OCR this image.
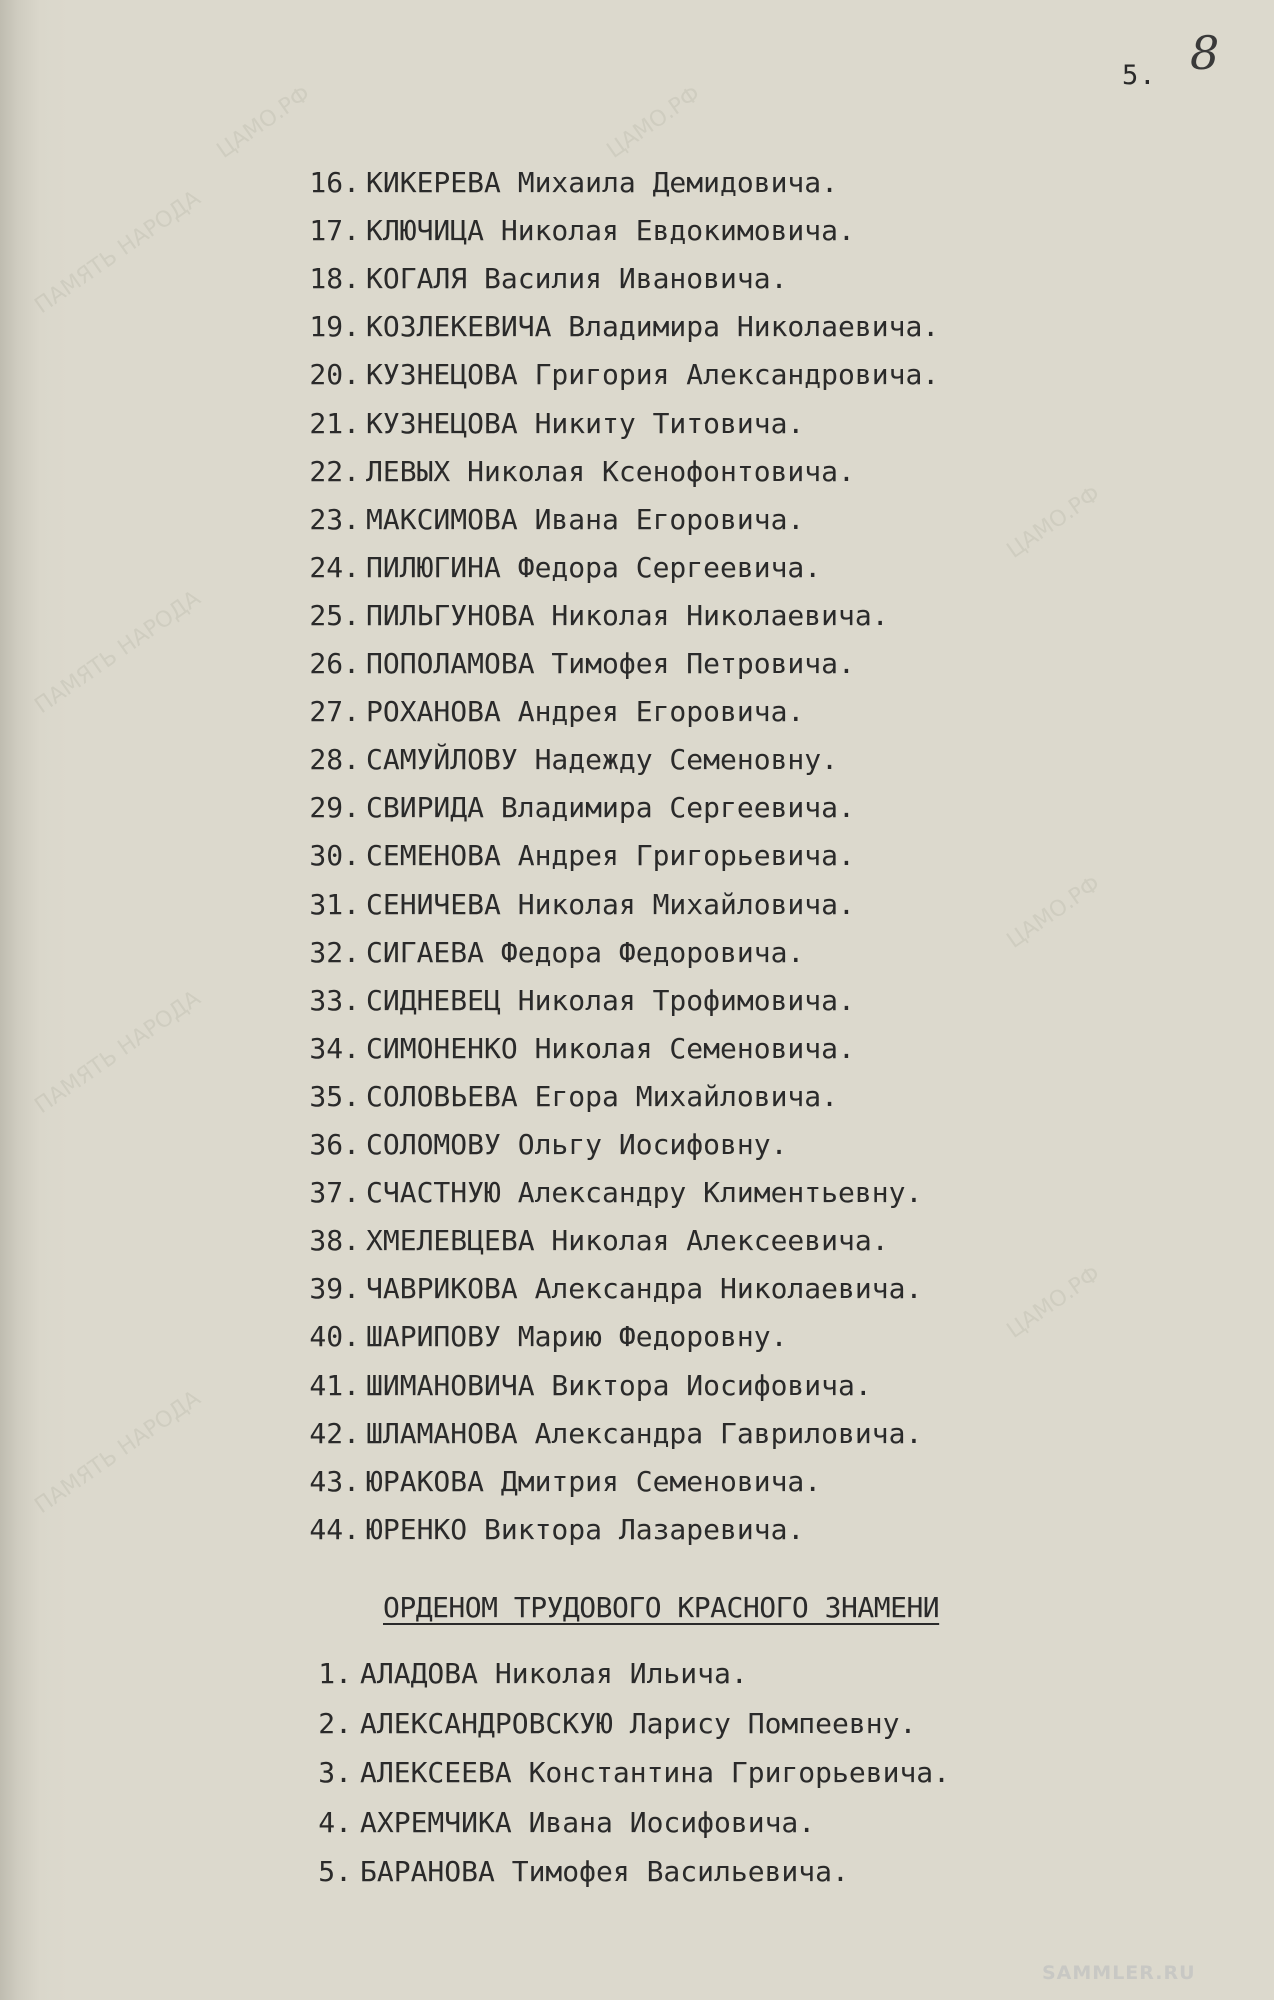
ЦАМО.РФ	ЦАМО.РФ
ЦАМО.РФ
ЦАМО.РФ
ЦАМО.РФ
ПАМЯТЬ НАРОДА
ПАМЯТЬ НАРОДА
ПАМЯТЬ НАРОДА
ПАМЯТЬ НАРОДА
5. 8
16. КИКЕРЕВА Михаила Демидовича.
17. КЛЮЧИЦА Николая Евдокимовича.
18. КОГАЛЯ Василия Ивановича.
19. КОЗЛЕКЕВИЧА Владимира Николаевича.
20. КУЗНЕЦОВА Григория Александровича.
21. КУЗНЕЦОВА Никиту Титовича.
22. ЛЕВЫХ Николая Ксенофонтовича.
23. МАКСИМОВА Ивана Егоровича.
24. ПИЛЮГИНА Федора Сергеевича.
25. ПИЛЬГУНОВА Николая Николаевича.
26. ПОПОЛАМОВА Тимофея Петровича.
27. РОХАНОВА Андрея Егоровича.
28. САМУЙЛОВУ Надежду Семеновну.
29. СВИРИДА Владимира Сергеевича.
30. СЕМЕНОВА Андрея Григорьевича.
31. СЕНИЧЕВА Николая Михайловича.
32. СИГАЕВА Федора Федоровича.
33. СИДНЕВЕЦ Николая Трофимовича.
34. СИМОНЕНКО Николая Семеновича.
35. СОЛОВЬЕВА Егора Михайловича.
36. СОЛОМОВУ Ольгу Иосифовну.
37. СЧАСТНУЮ Александру Климентьевну.
38. ХМЕЛЕВЦЕВА Николая Алексеевича.
39. ЧАВРИКОВА Александра Николаевича.
40. ШАРИПОВУ Марию Федоровну.
41. ШИМАНОВИЧА Виктора Иосифовича.
42. ШЛАМАНОВА Александра Гавриловича.
43. ЮРАКОВА Дмитрия Семеновича.
44. ЮРЕНКО Виктора Лазаревича.
ОРДЕНОМ ТРУДОВОГО КРАСНОГО ЗНАМЕНИ
1. АЛАДОВА Николая Ильича.
2. АЛЕКСАНДРОВСКУЮ Ларису Помпеевну.
3. АЛЕКСЕЕВА Константина Григорьевича.
4. АХРЕМЧИКА Ивана Иосифовича.
5. БАРАНОВА Тимофея Васильевича.
SAMMLER.RU
